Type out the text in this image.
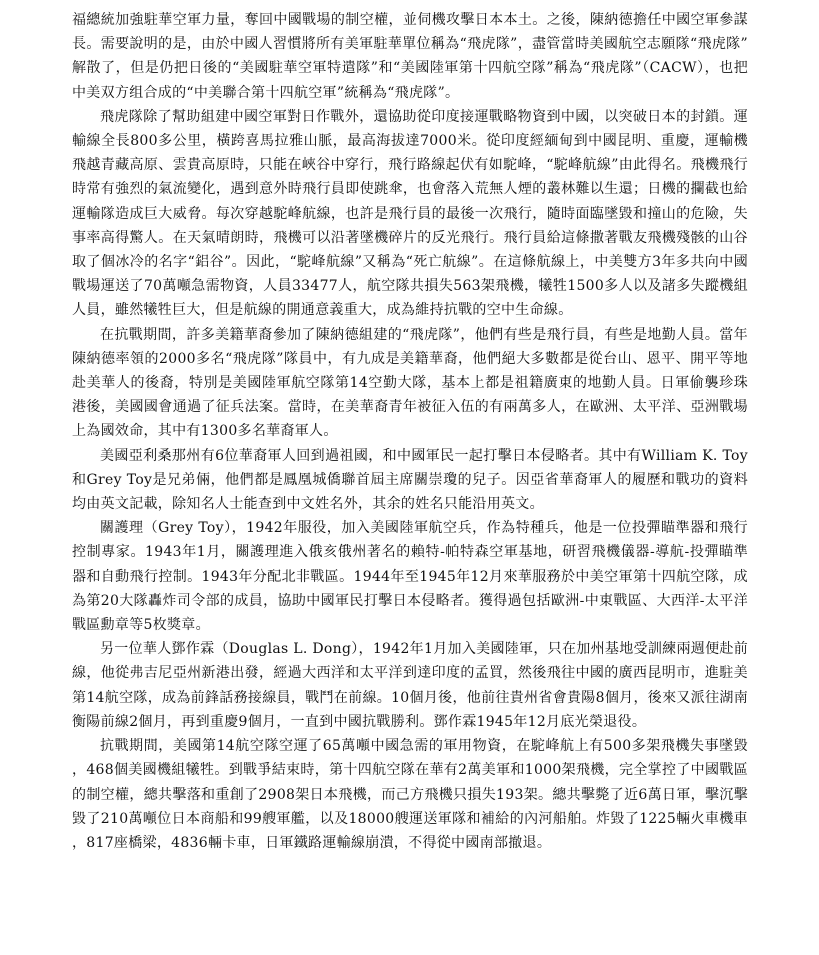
福總統加強駐華空軍力量，奪回中國戰場的制空權，並伺機攻擊日本本土。之後，陳納德擔任中國空軍參謀長。需要說明的是，由於中國人習慣將所有美軍駐華單位稱為“飛虎隊”，盡管當時美國航空志願隊“飛虎隊”解散了，但是仍把日後的“美國駐華空軍特遣隊”和“美國陸軍第十四航空隊”稱為“飛虎隊”（CACW），也把中美双方组合成的“中美聯合第十四航空軍”統稱為“飛虎隊”。

飛虎隊除了幫助組建中國空軍對日作戰外，還協助從印度接運戰略物資到中國，以突破日本的封鎖。運輸線全長800多公里，橫跨喜馬拉雅山脈，最高海拔達7000米。從印度經緬甸到中國昆明、重慶，運輸機飛越青藏高原、雲貴高原時，只能在峽谷中穿行，飛行路線起伏有如駝峰，“駝峰航線”由此得名。飛機飛行時常有強烈的氣流變化，遇到意外時飛行員即使跳傘，也會落入荒無人煙的叢林難以生還；日機的攔截也給運輸隊造成巨大威脅。每次穿越駝峰航線，也許是飛行員的最後一次飛行，隨時面臨墜毀和撞山的危險，失事率高得驚人。在天氣晴朗時，飛機可以沿著墜機碎片的反光飛行。飛行員給這條撒著戰友飛機殘骸的山谷取了個冰冷的名字“鋁谷”。因此，“駝峰航線”又稱為“死亡航線”。在這條航線上，中美雙方3年多共向中國戰場運送了70萬噸急需物資，人員33477人，航空隊共損失563架飛機，犧牲1500多人以及諸多失蹤機組人員，雖然犧牲巨大，但是航線的開通意義重大，成為維持抗戰的空中生命線。

在抗戰期間，許多美籍華裔參加了陳納德組建的“飛虎隊”，他們有些是飛行員，有些是地勤人員。當年陳納德率領的2000多名“飛虎隊”隊員中，有九成是美籍華裔，他們絕大多數都是從台山、恩平、開平等地赴美華人的後裔，特別是美國陸軍航空隊第14空勤大隊，基本上都是祖籍廣東的地勤人員。日軍偷襲珍珠港後，美國國會通過了征兵法案。當時，在美華裔青年被征入伍的有兩萬多人，在歐洲、太平洋、亞洲戰場上為國效命，其中有1300多名華裔軍人。

美國亞利桑那州有6位華裔軍人回到過祖國，和中國軍民一起打擊日本侵略者。其中有William K. Toy和Grey Toy是兄弟倆，他們都是鳳凰城僑聯首屆主席關崇瓊的兒子。因亞省華裔軍人的履歷和戰功的資料均由英文記載，除知名人士能查到中文姓名外，其余的姓名只能沿用英文。

關護理（Grey Toy），1942年服役，加入美國陸軍航空兵，作為特種兵，他是一位投彈瞄準器和飛行控制專家。1943年1月，關護理進入俄亥俄州著名的賴特-帕特森空軍基地，研習飛機儀器-導航-投彈瞄準器和自動飛行控制。1943年分配北非戰區。1944年至1945年12月來華服務於中美空軍第十四航空隊，成為第20大隊轟炸司令部的成員，協助中國軍民打擊日本侵略者。獲得過包括歐洲-中東戰區、大西洋-太平洋戰區勳章等5枚獎章。

另一位華人鄧作霖（Douglas L. Dong），1942年1月加入美國陸軍，只在加州基地受訓練兩週便赴前線，他從弗吉尼亞州新港出發，經過大西洋和太平洋到達印度的孟買，然後飛往中國的廣西昆明市，進駐美第14航空隊，成為前鋒話務接線員，戰鬥在前線。10個月後，他前往貴州省會貴陽8個月，後來又派往湖南衡陽前線2個月，再到重慶9個月，一直到中國抗戰勝利。鄧作霖1945年12月底光榮退役。

抗戰期間，美國第14航空隊空運了65萬噸中國急需的軍用物資，在駝峰航上有500多架飛機失事墜毀，468個美國機組犧牲。到戰爭結束時，第十四航空隊在華有2萬美軍和1000架飛機，完全掌控了中國戰區的制空權，總共擊落和重創了2908架日本飛機，而己方飛機只損失193架。總共擊斃了近6萬日軍，擊沉擊毀了210萬噸位日本商船和99艘軍艦，以及18000艘運送軍隊和補給的內河船舶。炸毀了1225輛火車機車，817座橋梁，4836輛卡車，日軍鐵路運輸線崩潰，不得從中國南部撤退。
